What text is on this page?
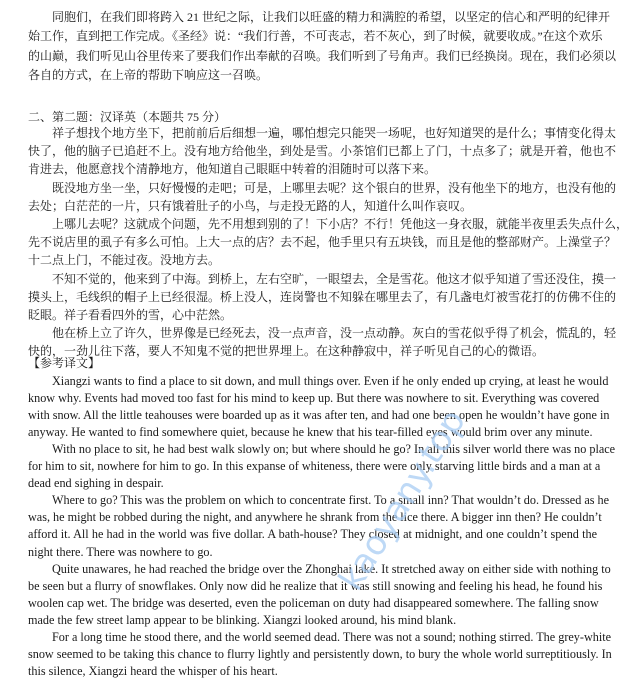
同胞们，在我们即将跨入 21 世纪之际，让我们以旺盛的精力和满腔的希望，以坚定的信心和严明的纪律开
始工作，直到把工作完成。《圣经》说：“我们行善，不可丧志，若不灰心，到了时候，就要收成。”在这个欢乐
的山巅，我们听见山谷里传来了要我们作出奉献的召唤。我们听到了号角声。我们已经换岗。现在，我们必须以
各自的方式，在上帝的帮助下响应这一召唤。
二、第二题：汉译英（本题共 75 分）
祥子想找个地方坐下，把前前后后细想一遍，哪怕想完只能哭一场呢，也好知道哭的是什么；事情变化得太
快了，他的脑子已追赶不上。没有地方给他坐，到处是雪。小茶馆们已都上了门，十点多了；就是开着，他也不
肯进去，他愿意找个清静地方，他知道自己眼眶中转着的泪随时可以落下来。
既没地方坐一坐，只好慢慢的走吧；可是，上哪里去呢？这个银白的世界，没有他坐下的地方，也没有他的
去处；白茫茫的一片，只有饿着肚子的小鸟，与走投无路的人，知道什么叫作哀叹。
上哪儿去呢？这就成个问题，先不用想到别的了！下小店？不行！凭他这一身衣服，就能半夜里丢失点什么，
先不说店里的虱子有多么可怕。上大一点的店？去不起，他手里只有五块钱，而且是他的整部财产。上澡堂子？
十二点上门，不能过夜。没地方去。
不知不觉的，他来到了中海。到桥上，左右空旷，一眼望去，全是雪花。他这才似乎知道了雪还没住，摸一
摸头上，毛线织的帽子上已经很湿。桥上没人，连岗警也不知躲在哪里去了，有几盏电灯被雪花打的仿佛不住的
眨眼。祥子看看四外的雪，心中茫然。
他在桥上立了许久，世界像是已经死去，没一点声音，没一点动静。灰白的雪花似乎得了机会，慌乱的，轻
快的，一劲儿往下落，要人不知鬼不觉的把世界埋上。在这种静寂中，祥子听见自己的心的微语。
【参考译文】
Xiangzi wants to find a place to sit down, and mull things over. Even if he only ended up crying, at least he would
know why. Events had moved too fast for his mind to keep up. But there was nowhere to sit. Everything was covered
with snow. All the little teahouses were boarded up as it was after ten, and had one been open he wouldn’t have gone in
anyway. He wanted to find somewhere quiet, because he knew that his tear-filled eyes would brim over any minute.
With no place to sit, he had best walk slowly on; but where should he go? In all this silver world there was no place
for him to sit, nowhere for him to go. In this expanse of whiteness, there were only starving little birds and a man at a
dead end sighing in despair.
Where to go? This was the problem on which to concentrate first. To a small inn? That wouldn’t do. Dressed as he
was, he might be robbed during the night, and anywhere he shrank from the lice there. A bigger inn then? He couldn’t
afford it. All he had in the world was five dollar. A bath-house? They closed at midnight, and one couldn’t spend the
night there. There was nowhere to go.
Quite unawares, he had reached the bridge over the Zhonghai lake. It stretched away on either side with nothing to
be seen but a flurry of snowflakes. Only now did he realize that it was still snowing and feeling his head, he found his
woolen cap wet. The bridge was deserted, even the policeman on duty had disappeared somewhere. The falling snow
made the few street lamp appear to be blinking. Xiangzi looked around, his mind blank.
For a long time he stood there, and the world seemed dead. There was not a sound; nothing stirred. The grey-white
snow seemed to be taking this chance to flurry lightly and persistently down, to bury the whole world surreptitiously. In
this silence, Xiangzi heard the whisper of his heart.
kaoyany.top
